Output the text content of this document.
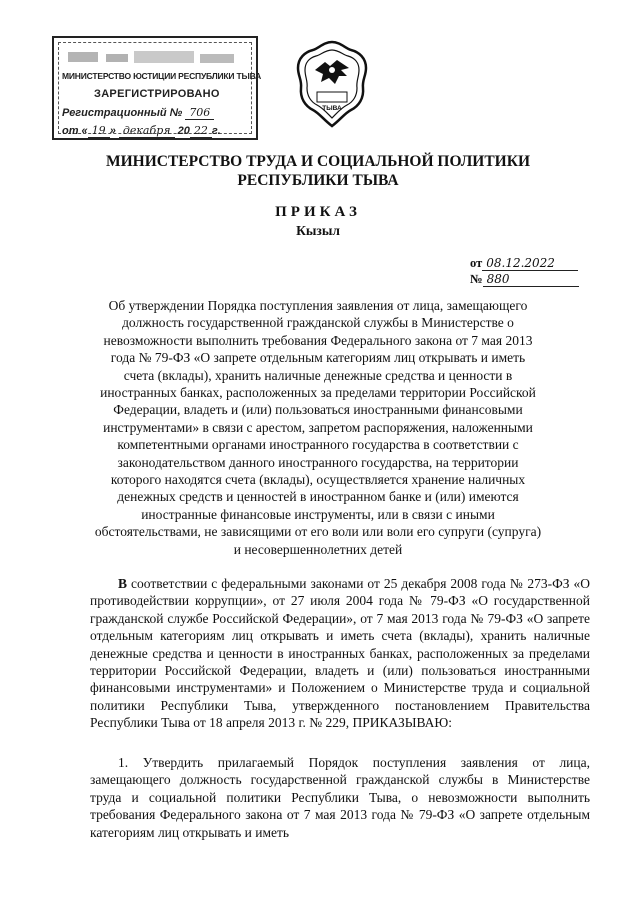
МИНИСТЕРСТВО ЮСТИЦИИ РЕСПУБЛИКИ ТЫВА
ЗАРЕГИСТРИРОВАНО
Регистрационный № 706
от « 19 » декабря 20 22 г.
ТЫВА
МИНИСТЕРСТВО ТРУДА И СОЦИАЛЬНОЙ ПОЛИТИКИ
РЕСПУБЛИКИ ТЫВА
ПРИКАЗ
Кызыл
от 08.12.2022
№ 880
Об утверждении Порядка поступления заявления от лица, замещающего
должность государственной гражданской службы в Министерстве о
невозможности выполнить требования Федерального закона от 7 мая 2013
года № 79-ФЗ «О запрете отдельным категориям лиц открывать и иметь
счета (вклады), хранить наличные денежные средства и ценности в
иностранных банках, расположенных за пределами территории Российской
Федерации, владеть и (или) пользоваться иностранными финансовыми
инструментами» в связи с арестом, запретом распоряжения, наложенными
компетентными органами иностранного государства в соответствии с
законодательством данного иностранного государства, на территории
которого находятся счета (вклады), осуществляется хранение наличных
денежных средств и ценностей в иностранном банке и (или) имеются
иностранные финансовые инструменты, или в связи с иными
обстоятельствами, не зависящими от его воли или воли его супруги (супруга)
и несовершеннолетних детей
В соответствии с федеральными законами от 25 декабря 2008 года № 273-ФЗ «О противодействии коррупции», от 27 июля 2004 года № 79-ФЗ «О государственной гражданской службе Российской Федерации», от 7 мая 2013 года № 79-ФЗ «О запрете отдельным категориям лиц открывать и иметь счета (вклады), хранить наличные денежные средства и ценности в иностранных банках, расположенных за пределами территории Российской Федерации, владеть и (или) пользоваться иностранными финансовыми инструментами» и Положением о Министерстве труда и социальной политики Республики Тыва, утвержденного постановлением Правительства Республики Тыва от 18 апреля 2013 г. № 229, ПРИКАЗЫВАЮ:
1. Утвердить прилагаемый Порядок поступления заявления от лица, замещающего должность государственной гражданской службы в Министерстве труда и социальной политики Республики Тыва, о невозможности выполнить требования Федерального закона от 7 мая 2013 года № 79-ФЗ «О запрете отдельным категориям лиц открывать и иметь
